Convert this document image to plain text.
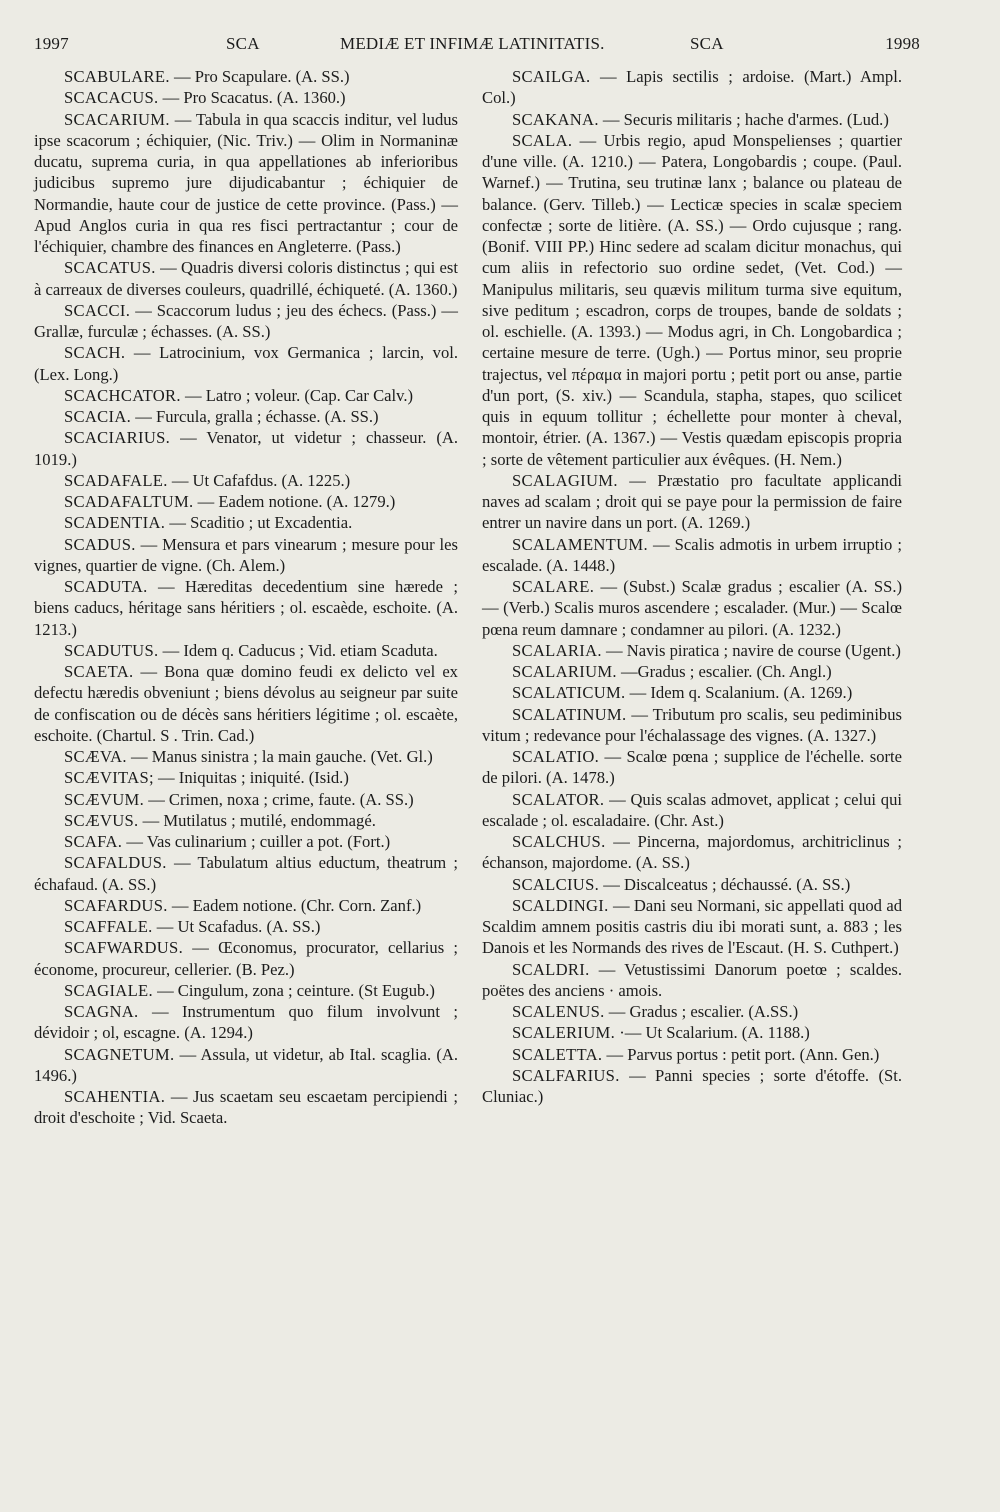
1997	SCA	MEDIÆ ET INFIMÆ LATINITATIS.	SCA	1998

SCABULARE. — Pro Scapulare. (A. SS.)

SCACACUS. — Pro Scacatus. (A. 1360.)

SCACARIUM. — Tabula in qua scaccis inditur, vel ludus ipse scacorum ; échiquier, (Nic. Triv.) — Olim in Normaninæ ducatu, suprema curia, in qua appellationes ab inferioribus judicibus supremo jure dijudicabantur ; échiquier de Normandie, haute cour de justice de cette province. (Pass.) — Apud Anglos curia in qua res fisci pertractantur ; cour de l'échiquier, chambre des finances en Angleterre. (Pass.)

SCACATUS. — Quadris diversi coloris distinctus ; qui est à carreaux de diverses couleurs, quadrillé, échiqueté. (A. 1360.)

SCACCI. — Scaccorum ludus ; jeu des échecs. (Pass.) — Grallæ, furculæ ; échasses. (A. SS.)

SCACH. — Latrocinium, vox Germanica ; larcin, vol. (Lex. Long.)

SCACHCATOR. — Latro ; voleur. (Cap. Car Calv.)

SCACIA. — Furcula, gralla ; échasse. (A. SS.)

SCACIARIUS. — Venator, ut videtur ; chasseur. (A. 1019.)

SCADAFALE. — Ut Cafafdus. (A. 1225.)

SCADAFALTUM. — Eadem notione. (A. 1279.)

SCADENTIA. — Scaditio ; ut Excadentia.

SCADUS. — Mensura et pars vinearum ; mesure pour les vignes, quartier de vigne. (Ch. Alem.)

SCADUTA. — Hæreditas decedentium sine hærede ; biens caducs, héritage sans héritiers ; ol. escaède, eschoite. (A. 1213.)

SCADUTUS. — Idem q. Caducus ; Vid. etiam Scaduta.

SCAETA. — Bona quæ domino feudi ex delicto vel ex defectu hæredis obveniunt ; biens dévolus au seigneur par suite de confiscation ou de décès sans héritiers légitime ; ol. escaète, eschoite. (Chartul. S . Trin. Cad.)

SCÆVA. — Manus sinistra ; la main gauche. (Vet. Gl.)

SCÆVITAS; — Iniquitas ; iniquité. (Isid.)

SCÆVUM. — Crimen, noxa ; crime, faute. (A. SS.)

SCÆVUS. — Mutilatus ; mutilé, endommagé.

SCAFA. — Vas culinarium ; cuiller a pot. (Fort.)

SCAFALDUS. — Tabulatum altius eductum, theatrum ; échafaud. (A. SS.)

SCAFARDUS. — Eadem notione. (Chr. Corn. Zanf.)

SCAFFALE. — Ut Scafadus. (A. SS.)

SCAFWARDUS. — Œconomus, procurator, cellarius ; économe, procureur, cellerier. (B. Pez.)

SCAGIALE. — Cingulum, zona ; ceinture. (St Eugub.)

SCAGNA. — Instrumentum quo filum involvunt ; dévidoir ; ol, escagne. (A. 1294.)

SCAGNETUM. — Assula, ut videtur, ab Ital. scaglia. (A. 1496.)

SCAHENTIA. — Jus scaetam seu escaetam percipiendi ; droit d'eschoite ; Vid. Scaeta.

SCAILGA. — Lapis sectilis ; ardoise. (Mart.) Ampl. Col.)

SCAKANA. — Securis militaris ; hache d'armes. (Lud.)

SCALA. — Urbis regio, apud Monspelienses ; quartier d'une ville. (A. 1210.) — Patera, Longobardis ; coupe. (Paul. Warnef.) — Trutina, seu trutinæ lanx ; balance ou plateau de balance. (Gerv. Tilleb.) — Lecticæ species in scalæ speciem confectæ ; sorte de litière. (A. SS.) — Ordo cujusque ; rang. (Bonif. VIII PP.) Hinc sedere ad scalam dicitur monachus, qui cum aliis in refectorio suo ordine sedet, (Vet. Cod.) — Manipulus militaris, seu quævis militum turma sive equitum, sive peditum ; escadron, corps de troupes, bande de soldats ; ol. eschielle. (A. 1393.) — Modus agri, in Ch. Longobardica ; certaine mesure de terre. (Ugh.) — Portus minor, seu proprie trajectus, vel πέραμα in majori portu ; petit port ou anse, partie d'un port, (S. xiv.) — Scandula, stapha, stapes, quo scilicet quis in equum tollitur ; échellette pour monter à cheval, montoir, étrier. (A. 1367.) — Vestis quædam episcopis propria ; sorte de vêtement particulier aux évêques. (H. Nem.)

SCALAGIUM. — Præstatio pro facultate applicandi naves ad scalam ; droit qui se paye pour la permission de faire entrer un navire dans un port. (A. 1269.)

SCALAMENTUM. — Scalis admotis in urbem irruptio ; escalade. (A. 1448.)

SCALARE. — (Subst.) Scalæ gradus ; escalier (A. SS.) — (Verb.) Scalis muros ascendere ; escalader. (Mur.) — Scalœ pœna reum damnare ; condamner au pilori. (A. 1232.)

SCALARIA. — Navis piratica ; navire de course (Ugent.)

SCALARIUM. —Gradus ; escalier. (Ch. Angl.)

SCALATICUM. — Idem q. Scalanium. (A. 1269.)

SCALATINUM. — Tributum pro scalis, seu pediminibus vitum ; redevance pour l'échalassage des vignes. (A. 1327.)

SCALATIO. — Scalœ pœna ; supplice de l'échelle. sorte de pilori. (A. 1478.)

SCALATOR. — Quis scalas admovet, applicat ; celui qui escalade ; ol. escaladaire. (Chr. Ast.)

SCALCHUS. — Pincerna, majordomus, architriclinus ; échanson, majordome. (A. SS.)

SCALCIUS. — Discalceatus ; déchaussé. (A. SS.)

SCALDINGI. — Dani seu Normani, sic appellati quod ad Scaldim amnem positis castris diu ibi morati sunt, a. 883 ; les Danois et les Normands des rives de l'Escaut. (H. S. Cuthpert.)

SCALDRI. — Vetustissimi Danorum poetœ ; scaldes. poëtes des anciens · amois.

SCALENUS. — Gradus ; escalier. (A.SS.)

SCALERIUM. ·— Ut Scalarium. (A. 1188.)

SCALETTA. — Parvus portus : petit port. (Ann. Gen.)

SCALFARIUS. — Panni species ; sorte d'étoffe. (St. Cluniac.)
